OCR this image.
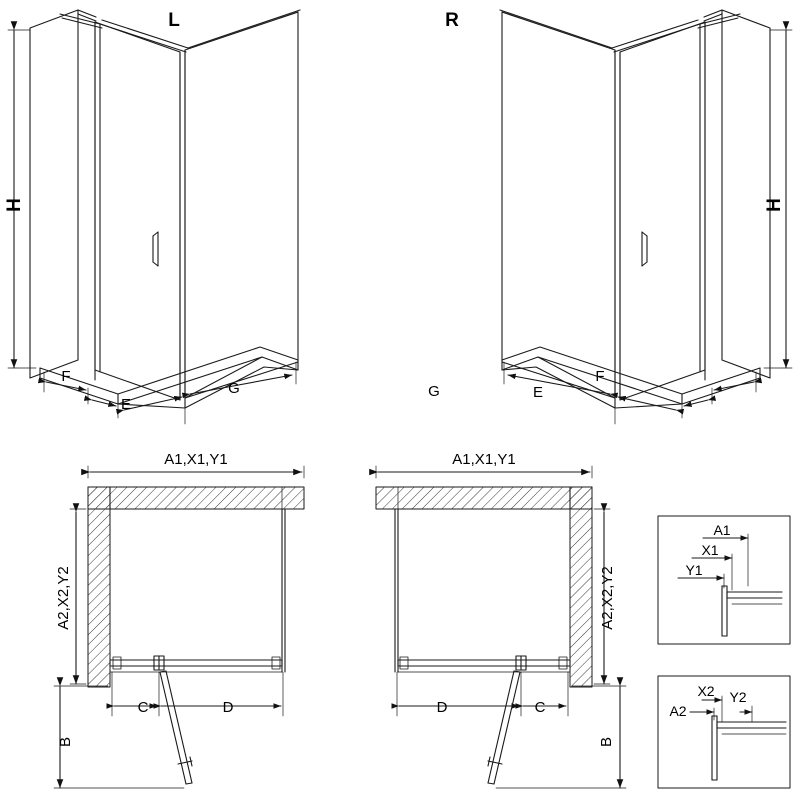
L	R
H	H
F
E
G	G	E
F
A1,X1,Y1	A1,X1,Y1
A2,X2,Y2	A2,X2,Y2
C	D	D	C
B	B
A1
X1
Y1
A2
X2 Y2
